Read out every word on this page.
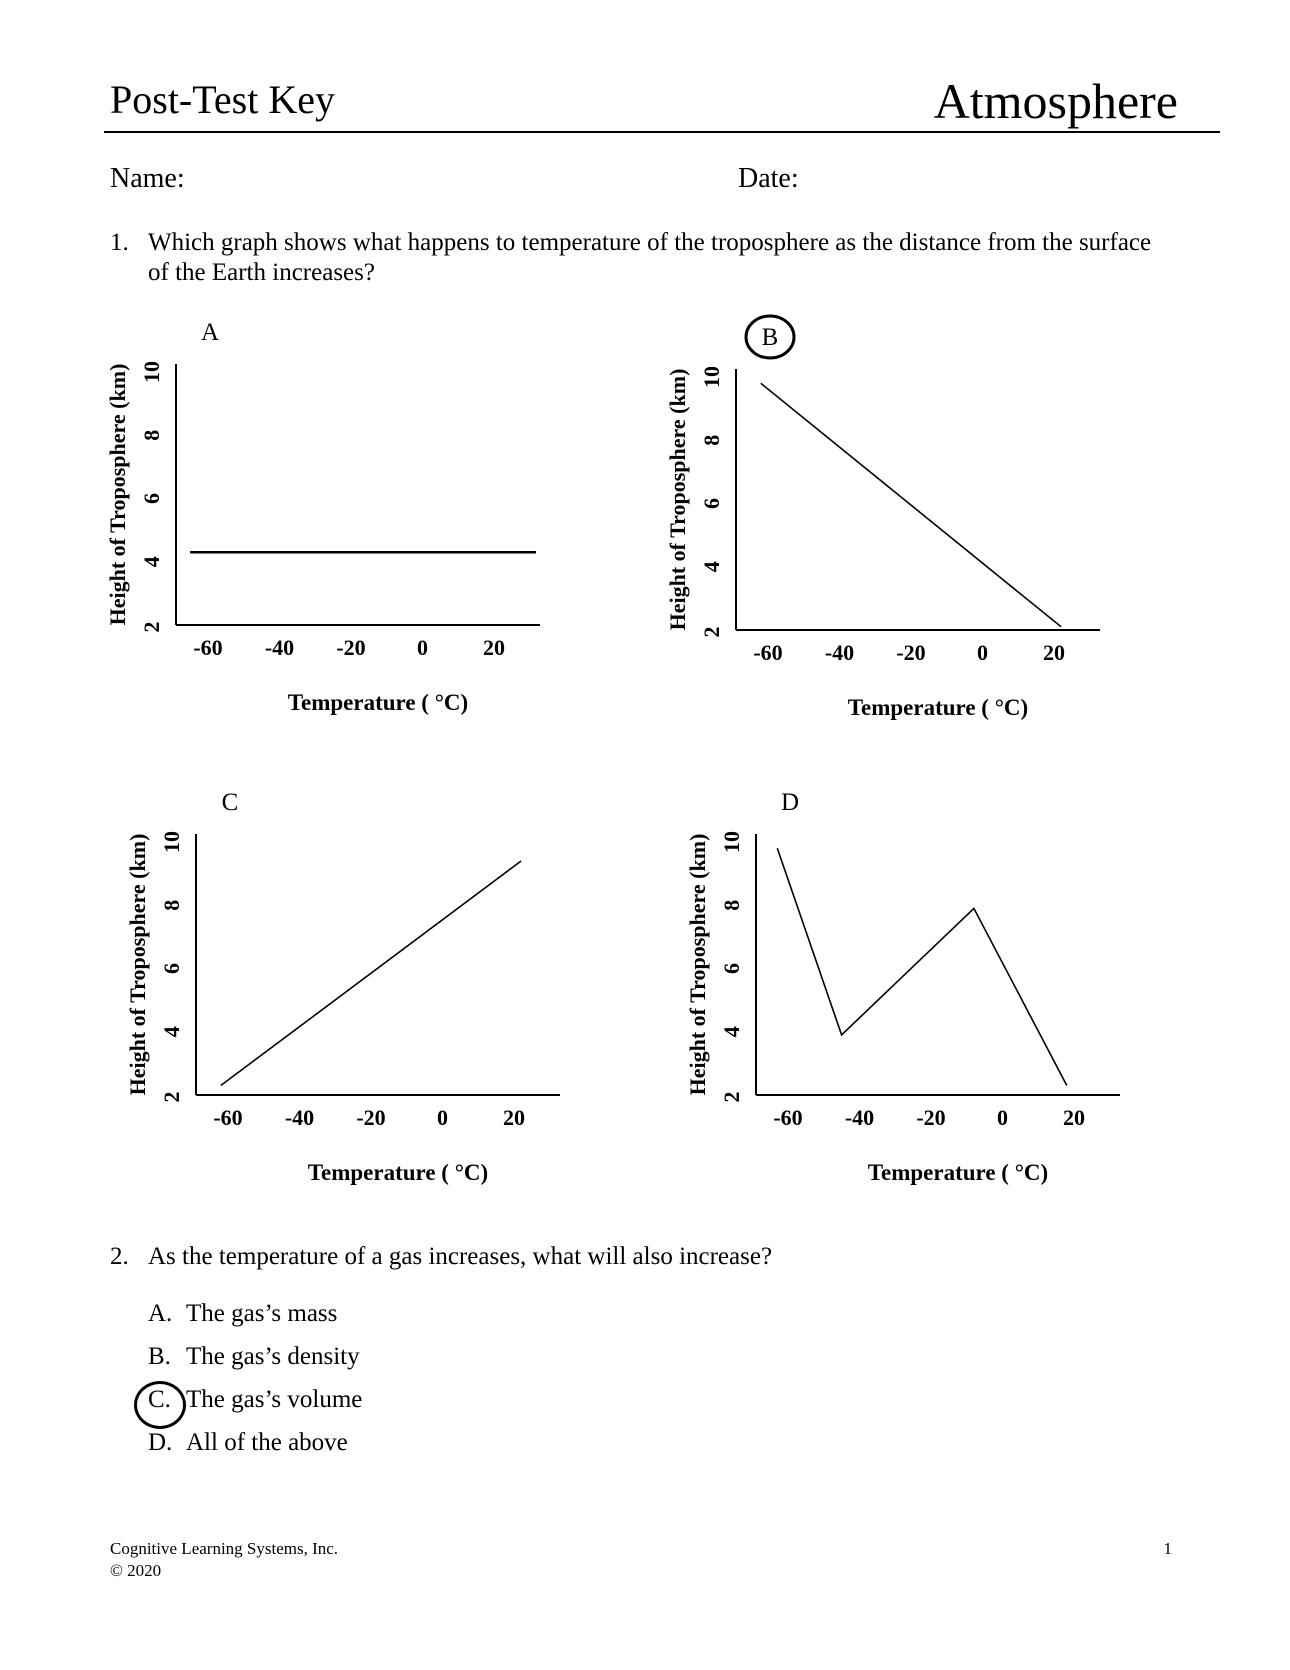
Post-Test Key	Atmosphere
Name:	Date:
1. Which graph shows what happens to temperature of the troposphere as the distance from the surface
of the Earth increases?
A
2
4
6
8
10
Height of Troposphere (km)
-60 -40 -20 0	20
Temperature ( °C)
B
2
4
6
8
10
Height of Troposphere (km)
-60 -40 -20 0	20
Temperature ( °C)
C
2
4
6
8
10
Height of Troposphere (km)
-60 -40 -20 0	20
Temperature ( °C)
D
2
4
6
8
10
Height of Troposphere (km)
-60 -40 -20 0	20
Temperature ( °C)
2. As the temperature of a gas increases, what will also increase?
A. The gas’s mass
B. The gas’s density
C. The gas’s volume
D. All of the above
Cognitive Learning Systems, Inc.
© 2020
1
